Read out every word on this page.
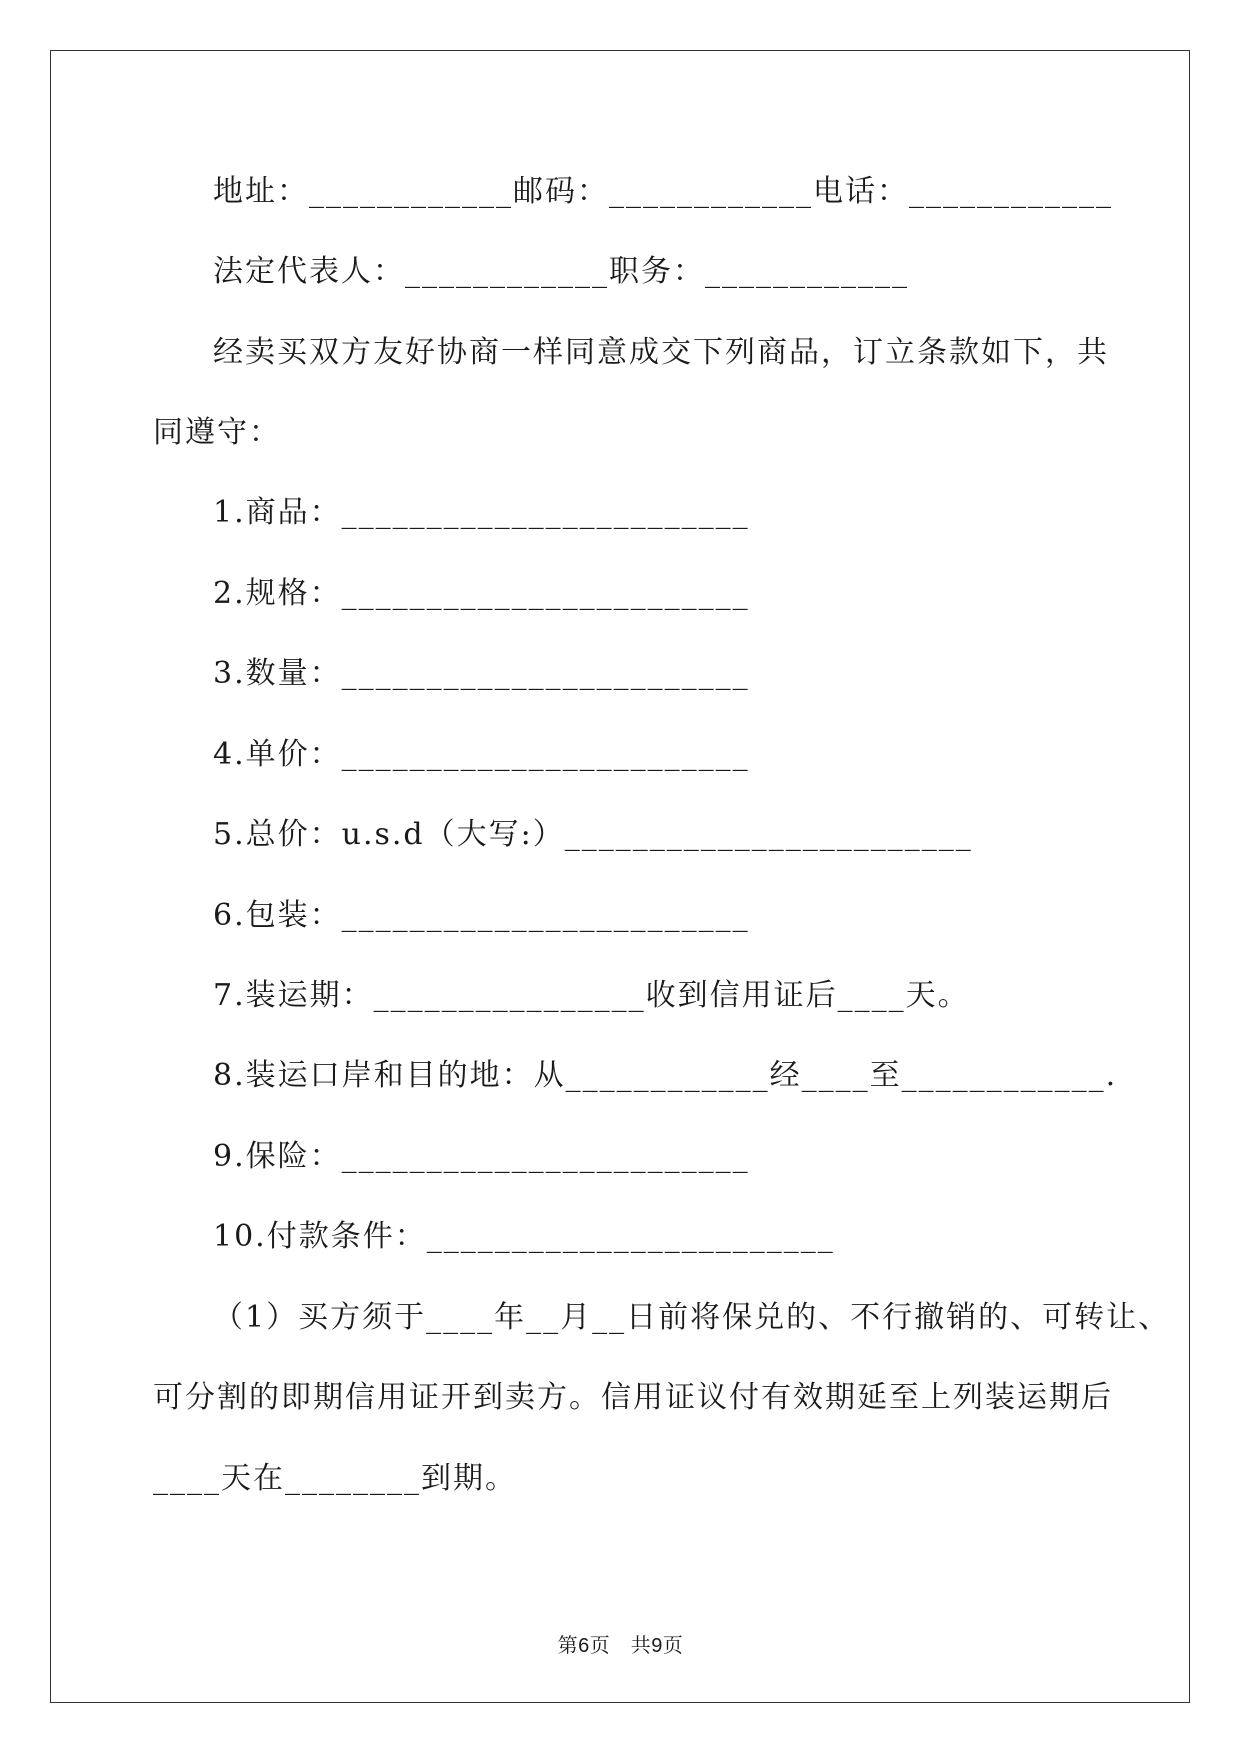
地址：____________邮码：____________电话：____________
法定代表人：____________职务：____________
经卖买双方友好协商一样同意成交下列商品，订立条款如下，共
同遵守：
1.商品：________________________
2.规格：________________________
3.数量：________________________
4.单价：________________________
5.总价：u.s.d（大写:）________________________
6.包装：________________________
7.装运期：________________收到信用证后____天。
8.装运口岸和目的地：从____________经____至____________.
9.保险：________________________
10.付款条件：________________________
（1）买方须于____年__月__日前将保兑的、不行撤销的、可转让、
可分割的即期信用证开到卖方。信用证议付有效期延至上列装运期后
____天在________到期。
第6页　共9页
